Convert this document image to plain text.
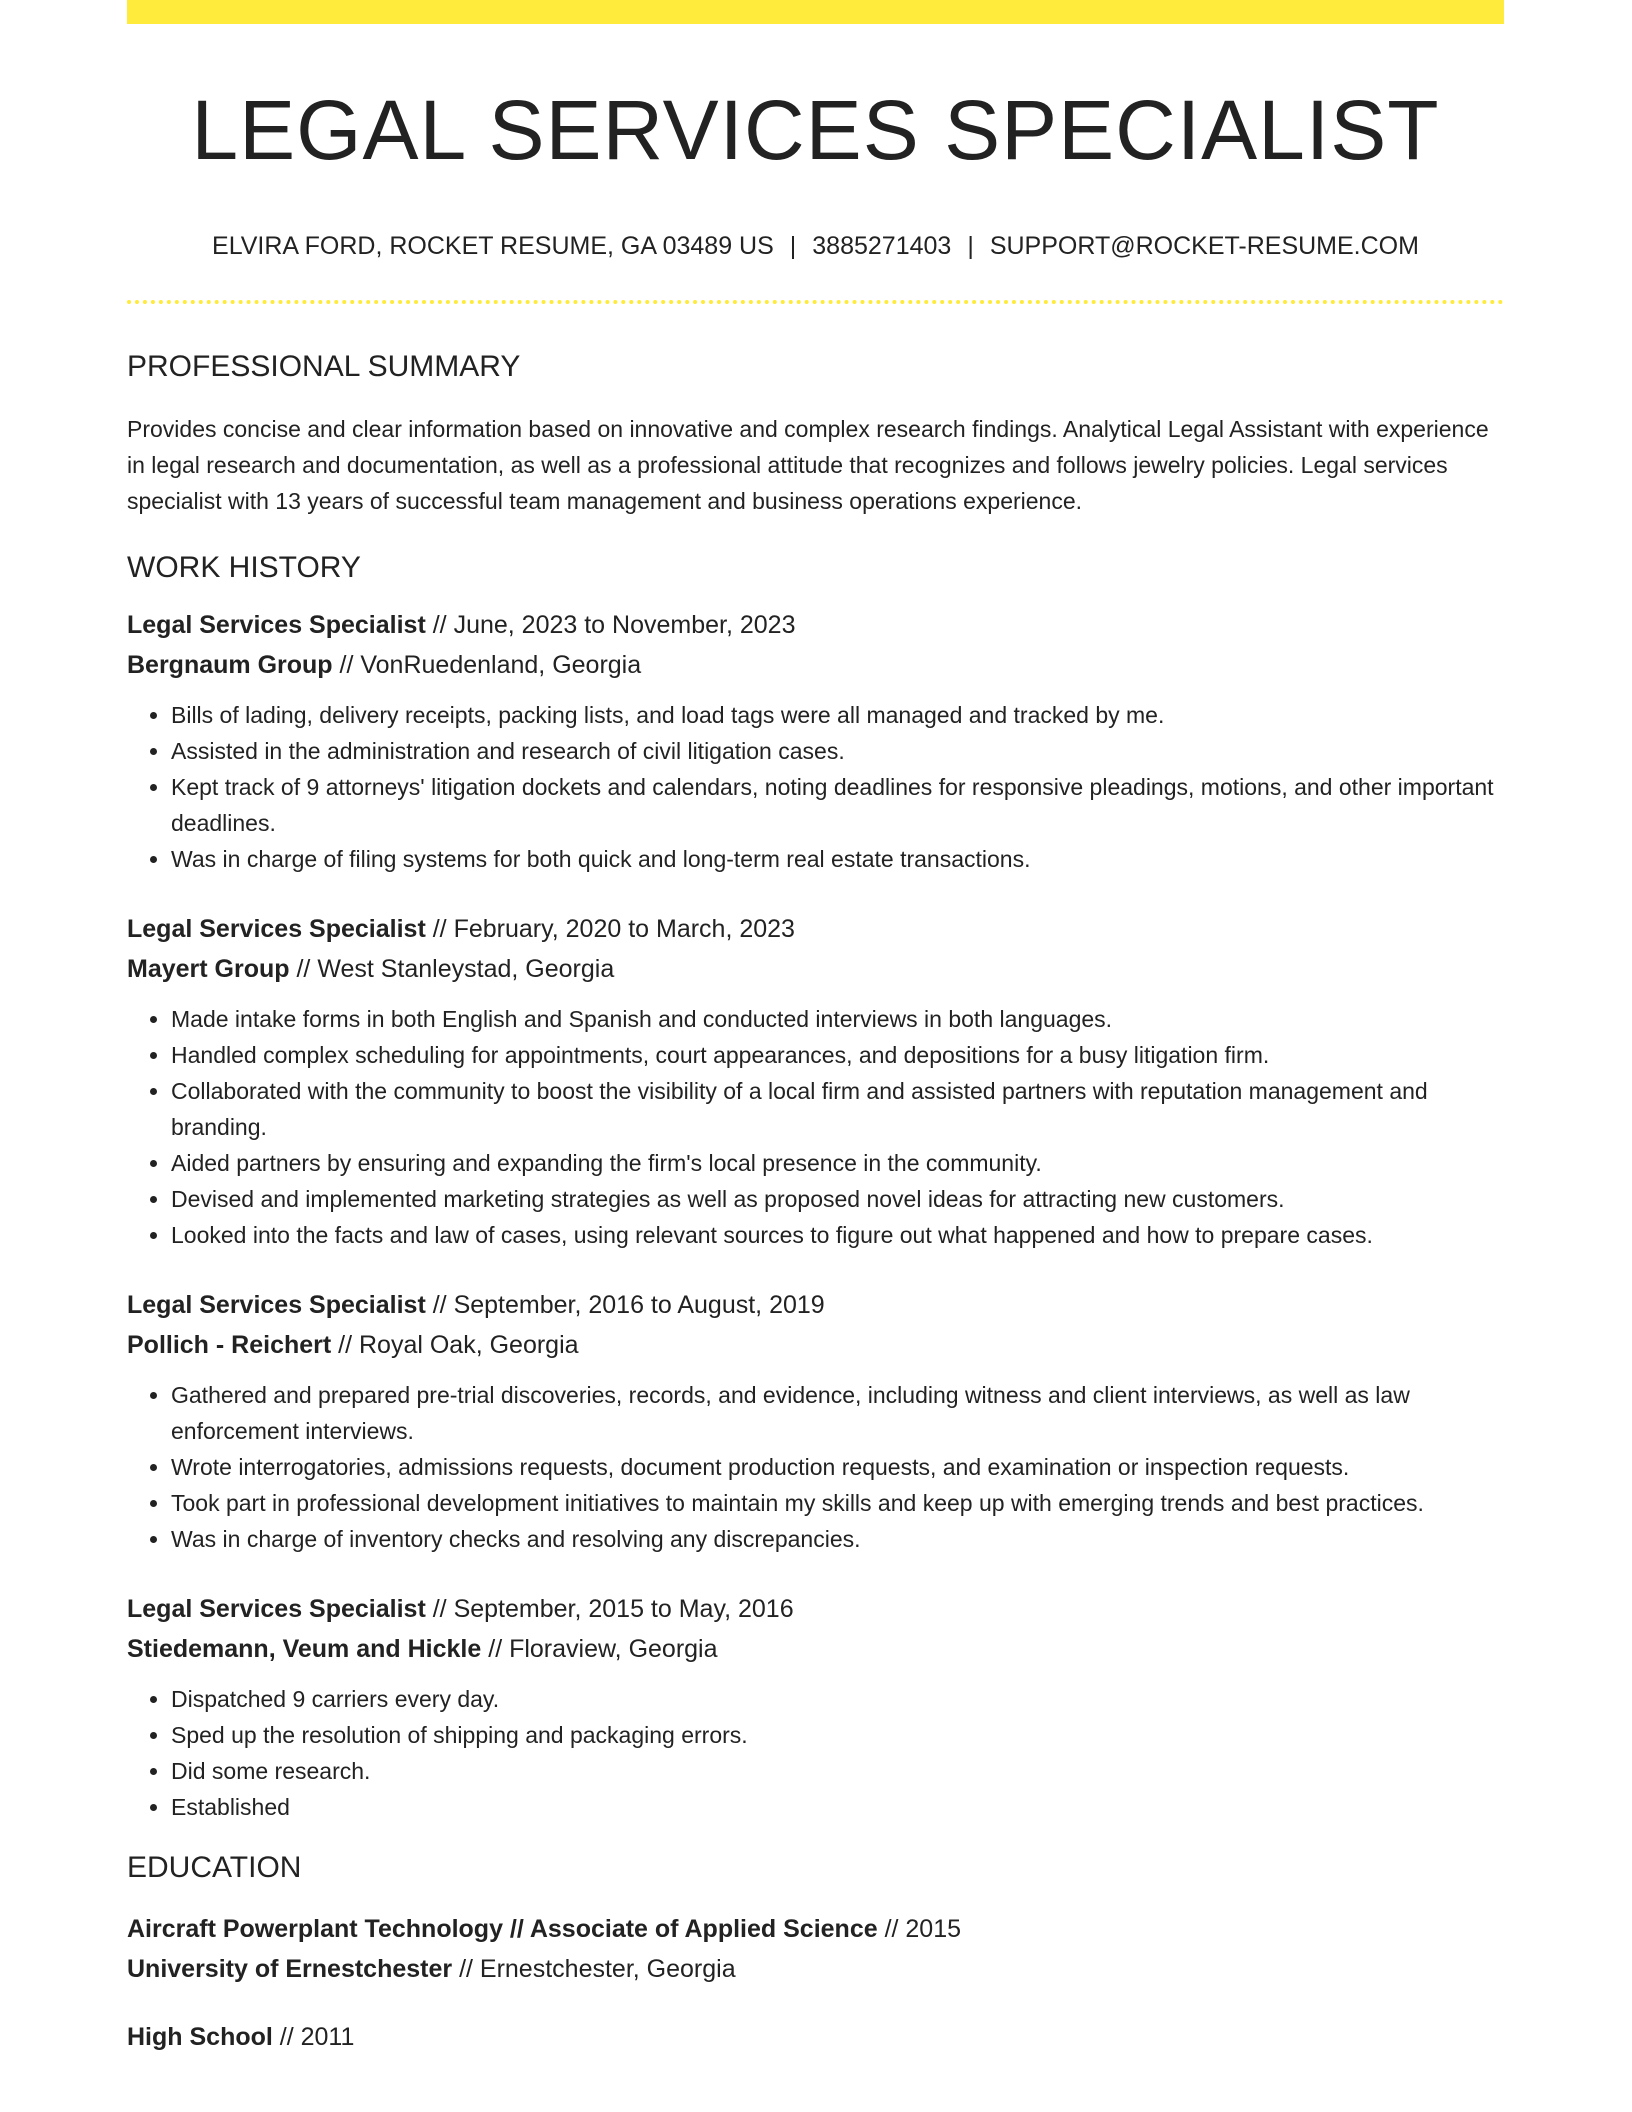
LEGAL SERVICES SPECIALIST
ELVIRA FORD, ROCKET RESUME, GA 03489 US | 3885271403 | SUPPORT@ROCKET-RESUME.COM
PROFESSIONAL SUMMARY

Provides concise and clear information based on innovative and complex research findings. Analytical Legal Assistant with experience in legal research and documentation, as well as a professional attitude that recognizes and follows jewelry policies. Legal services specialist with 13 years of successful team management and business operations experience.

WORK HISTORY

Legal Services Specialist // June, 2023 to November, 2023

Bergnaum Group // VonRuedenland, Georgia

• Bills of lading, delivery receipts, packing lists, and load tags were all managed and tracked by me.
• Assisted in the administration and research of civil litigation cases.
• Kept track of 9 attorneys' litigation dockets and calendars, noting deadlines for responsive pleadings, motions, and other important deadlines.
• Was in charge of filing systems for both quick and long-term real estate transactions.

Legal Services Specialist // February, 2020 to March, 2023

Mayert Group // West Stanleystad, Georgia

• Made intake forms in both English and Spanish and conducted interviews in both languages.
• Handled complex scheduling for appointments, court appearances, and depositions for a busy litigation firm.
• Collaborated with the community to boost the visibility of a local firm and assisted partners with reputation management and branding.
• Aided partners by ensuring and expanding the firm's local presence in the community.
• Devised and implemented marketing strategies as well as proposed novel ideas for attracting new customers.
• Looked into the facts and law of cases, using relevant sources to figure out what happened and how to prepare cases.

Legal Services Specialist // September, 2016 to August, 2019

Pollich - Reichert // Royal Oak, Georgia

• Gathered and prepared pre-trial discoveries, records, and evidence, including witness and client interviews, as well as law enforcement interviews.
• Wrote interrogatories, admissions requests, document production requests, and examination or inspection requests.
• Took part in professional development initiatives to maintain my skills and keep up with emerging trends and best practices.
• Was in charge of inventory checks and resolving any discrepancies.

Legal Services Specialist // September, 2015 to May, 2016

Stiedemann, Veum and Hickle // Floraview, Georgia

• Dispatched 9 carriers every day.
• Sped up the resolution of shipping and packaging errors.
• Did some research.
• Established
EDUCATION

Aircraft Powerplant Technology // Associate of Applied Science // 2015

University of Ernestchester // Ernestchester, Georgia

High School // 2011
